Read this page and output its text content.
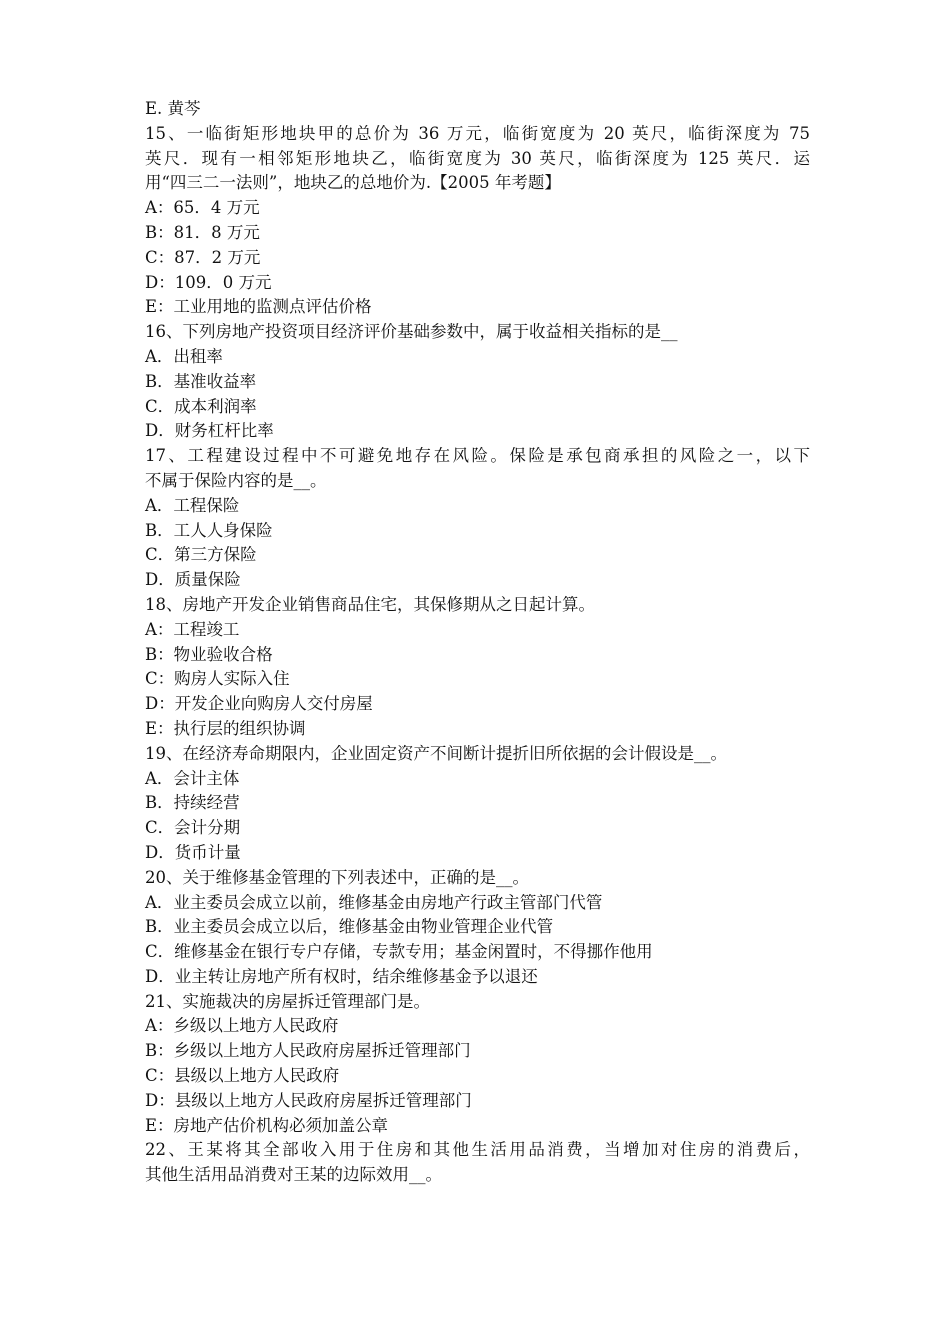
E. 黄芩
15、一临街矩形地块甲的总价为 36 万元，临街宽度为 20 英尺，临街深度为 75
英尺．现有一相邻矩形地块乙，临街宽度为 30 英尺，临街深度为 125 英尺．运
用“四三二一法则”，地块乙的总地价为.【2005 年考题】
A：65．4 万元
B：81．8 万元
C：87．2 万元
D：109．0 万元
E：工业用地的监测点评估价格
16、下列房地产投资项目经济评价基础参数中，属于收益相关指标的是__
A．出租率
B．基准收益率
C．成本利润率
D．财务杠杆比率
17、工程建设过程中不可避免地存在风险。保险是承包商承担的风险之一，以下
不属于保险内容的是__。
A．工程保险
B．工人人身保险
C．第三方保险
D．质量保险
18、房地产开发企业销售商品住宅，其保修期从之日起计算。
A：工程竣工
B：物业验收合格
C：购房人实际入住
D：开发企业向购房人交付房屋
E：执行层的组织协调
19、在经济寿命期限内，企业固定资产不间断计提折旧所依据的会计假设是__。
A．会计主体
B．持续经营
C．会计分期
D．货币计量
20、关于维修基金管理的下列表述中，正确的是__。
A．业主委员会成立以前，维修基金由房地产行政主管部门代管
B．业主委员会成立以后，维修基金由物业管理企业代管
C．维修基金在银行专户存储，专款专用；基金闲置时，不得挪作他用
D．业主转让房地产所有权时，结余维修基金予以退还
21、实施裁决的房屋拆迁管理部门是。
A：乡级以上地方人民政府
B：乡级以上地方人民政府房屋拆迁管理部门
C：县级以上地方人民政府
D：县级以上地方人民政府房屋拆迁管理部门
E：房地产估价机构必须加盖公章
22、王某将其全部收入用于住房和其他生活用品消费，当增加对住房的消费后，
其他生活用品消费对王某的边际效用__。
